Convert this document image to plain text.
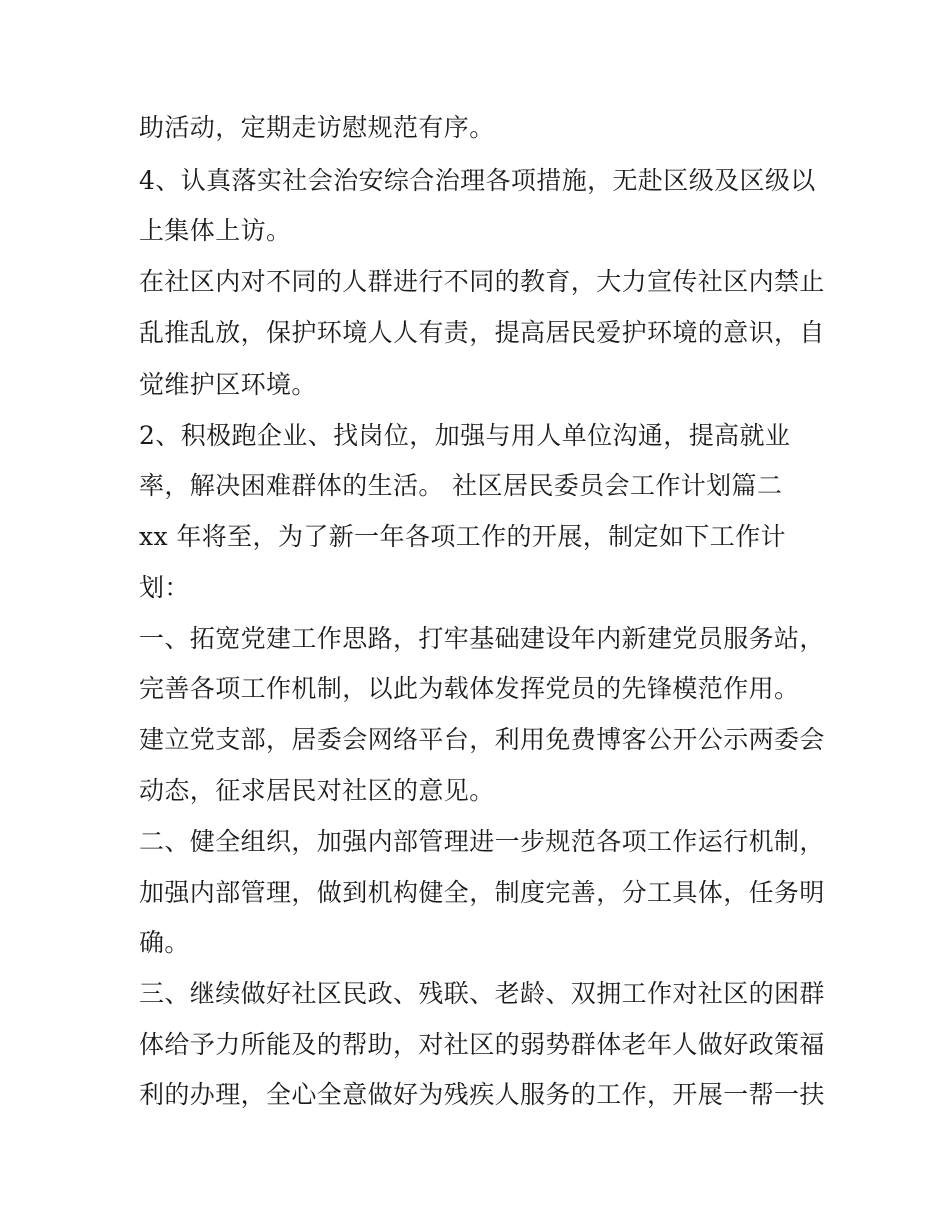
助活动，定期走访慰规范有序。
4、认真落实社会治安综合治理各项措施，无赴区级及区级以
上集体上访。
在社区内对不同的人群进行不同的教育，大力宣传社区内禁止
乱推乱放，保护环境人人有责，提高居民爱护环境的意识，自
觉维护区环境。
2、积极跑企业、找岗位，加强与用人单位沟通，提高就业
率，解决困难群体的生活。 社区居民委员会工作计划篇二
xx 年将至，为了新一年各项工作的开展，制定如下工作计
划：
一、拓宽党建工作思路，打牢基础建设年内新建党员服务站，
完善各项工作机制，以此为载体发挥党员的先锋模范作用。
建立党支部，居委会网络平台，利用免费博客公开公示两委会
动态，征求居民对社区的意见。
二、健全组织，加强内部管理进一步规范各项工作运行机制，
加强内部管理，做到机构健全，制度完善，分工具体，任务明
确。
三、继续做好社区民政、残联、老龄、双拥工作对社区的困群
体给予力所能及的帮助，对社区的弱势群体老年人做好政策福
利的办理，全心全意做好为残疾人服务的工作，开展一帮一扶
